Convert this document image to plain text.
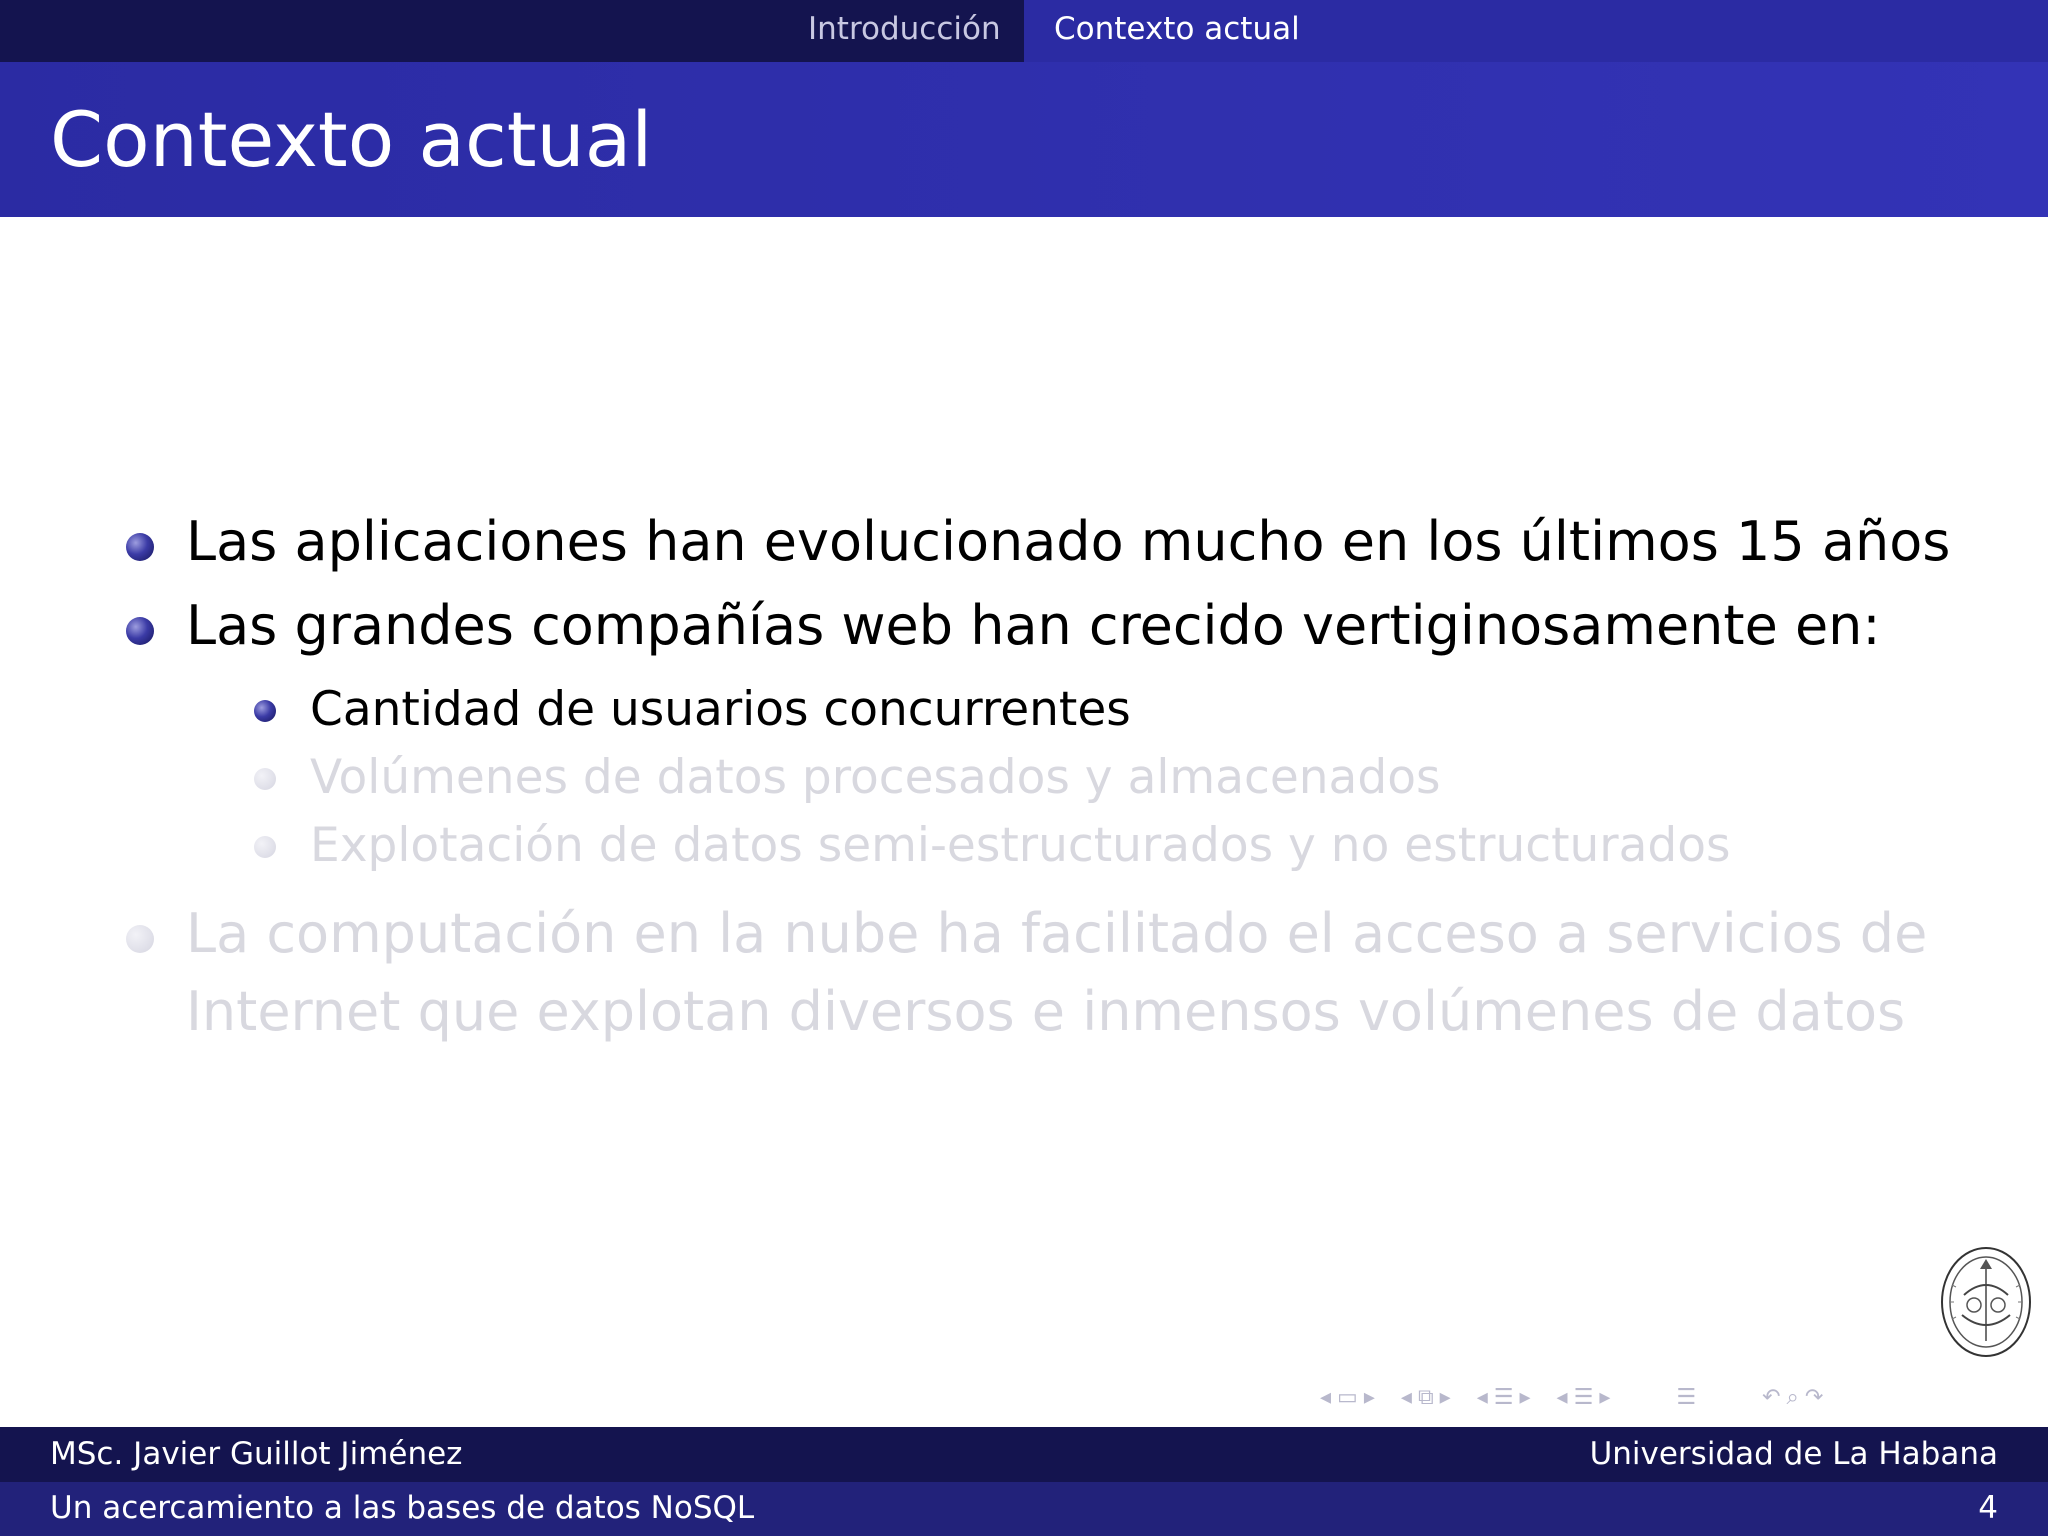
Introducción	Contexto actual
Contexto actual
Las aplicaciones han evolucionado mucho en los últimos 15 años
Las grandes compañías web han crecido vertiginosamente en:
Cantidad de usuarios concurrentes
Volúmenes de datos procesados y almacenados
Explotación de datos semi-estructurados y no estructurados
La computación en la nube ha facilitado el acceso a servicios de
Internet que explotan diversos e inmensos volúmenes de datos
◂ ▭ ▸ ◂ ⧉ ▸ ◂ ☰ ▸ ◂ ☰ ▸	☰	↶ ⌕ ↷
MSc. Javier Guillot Jiménez	Universidad de La Habana
Un acercamiento a las bases de datos NoSQL	4
